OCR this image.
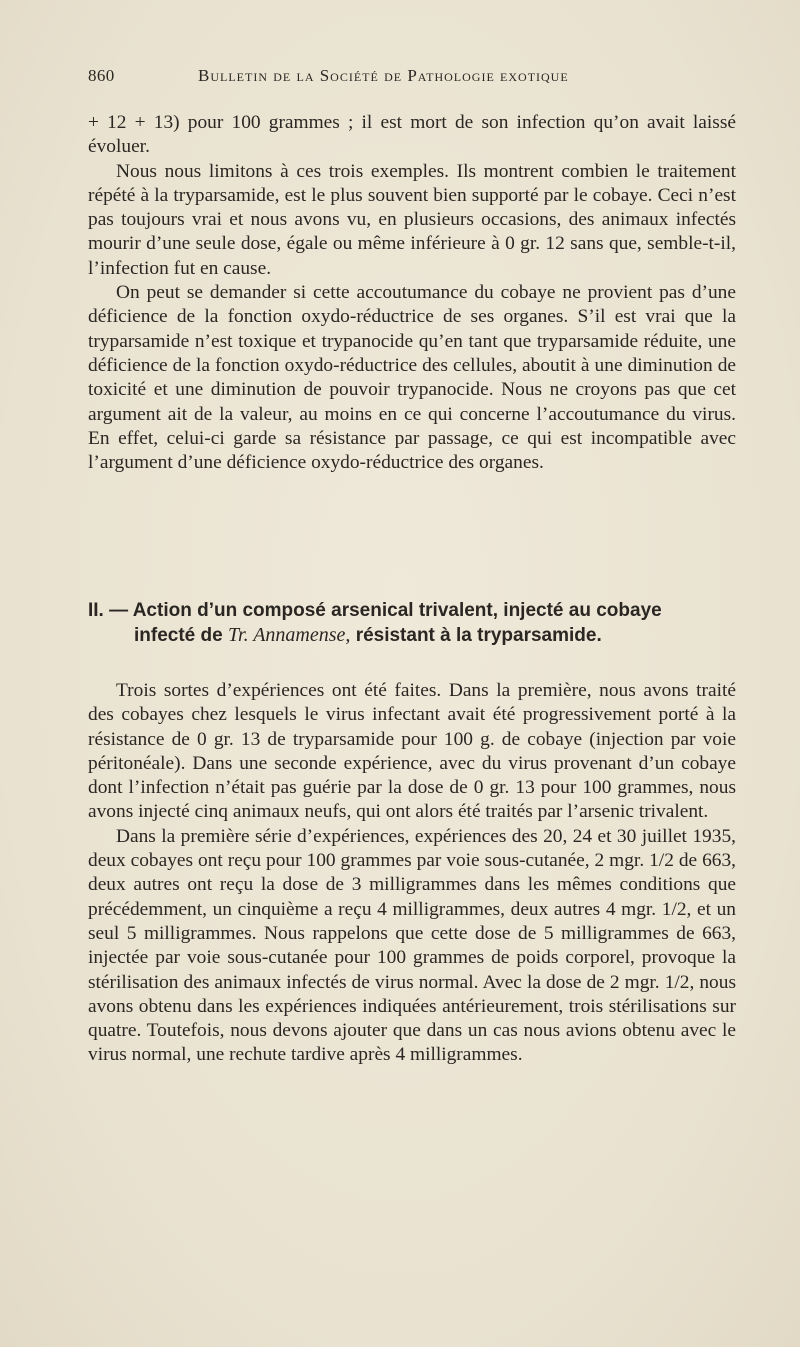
860	Bulletin de la Société de Pathologie exotique

+ 12 + 13) pour 100 grammes ; il est mort de son infection qu’on avait laissé évoluer.

Nous nous limitons à ces trois exemples. Ils montrent combien le traitement répété à la tryparsamide, est le plus souvent bien supporté par le cobaye. Ceci n’est pas toujours vrai et nous avons vu, en plusieurs occasions, des animaux infectés mourir d’une seule dose, égale ou même inférieure à 0 gr. 12 sans que, semble-t-il, l’infection fut en cause.

On peut se demander si cette accoutumance du cobaye ne provient pas d’une déficience de la fonction oxydo-réductrice de ses organes. S’il est vrai que la tryparsamide n’est toxique et trypanocide qu’en tant que tryparsamide réduite, une déficience de la fonction oxydo-réductrice des cellules, aboutit à une diminution de toxicité et une diminution de pouvoir trypanocide. Nous ne croyons pas que cet argument ait de la valeur, au moins en ce qui concerne l’accoutumance du virus. En effet, celui-ci garde sa résistance par passage, ce qui est incompatible avec l’argument d’une déficience oxydo-réductrice des organes.

II. — Action d’un composé arsenical trivalent, injecté au cobaye
infecté de Tr. Annamense, résistant à la tryparsamide.

Trois sortes d’expériences ont été faites. Dans la première, nous avons traité des cobayes chez lesquels le virus infectant avait été progressivement porté à la résistance de 0 gr. 13 de tryparsamide pour 100 g. de cobaye (injection par voie péritonéale). Dans une seconde expérience, avec du virus provenant d’un cobaye dont l’infection n’était pas guérie par la dose de 0 gr. 13 pour 100 grammes, nous avons injecté cinq animaux neufs, qui ont alors été traités par l’arsenic trivalent.

Dans la première série d’expériences, expériences des 20, 24 et 30 juillet 1935, deux cobayes ont reçu pour 100 grammes par voie sous-cutanée, 2 mgr. 1/2 de 663, deux autres ont reçu la dose de 3 milligrammes dans les mêmes conditions que précédemment, un cinquième a reçu 4 milligrammes, deux autres 4 mgr. 1/2, et un seul 5 milligrammes. Nous rappelons que cette dose de 5 milligrammes de 663, injectée par voie sous-cutanée pour 100 grammes de poids corporel, provoque la stérilisation des animaux infectés de virus normal. Avec la dose de 2 mgr. 1/2, nous avons obtenu dans les expériences indiquées antérieurement, trois stérilisations sur quatre. Toutefois, nous devons ajouter que dans un cas nous avions obtenu avec le virus normal, une rechute tardive après 4 milligrammes.
